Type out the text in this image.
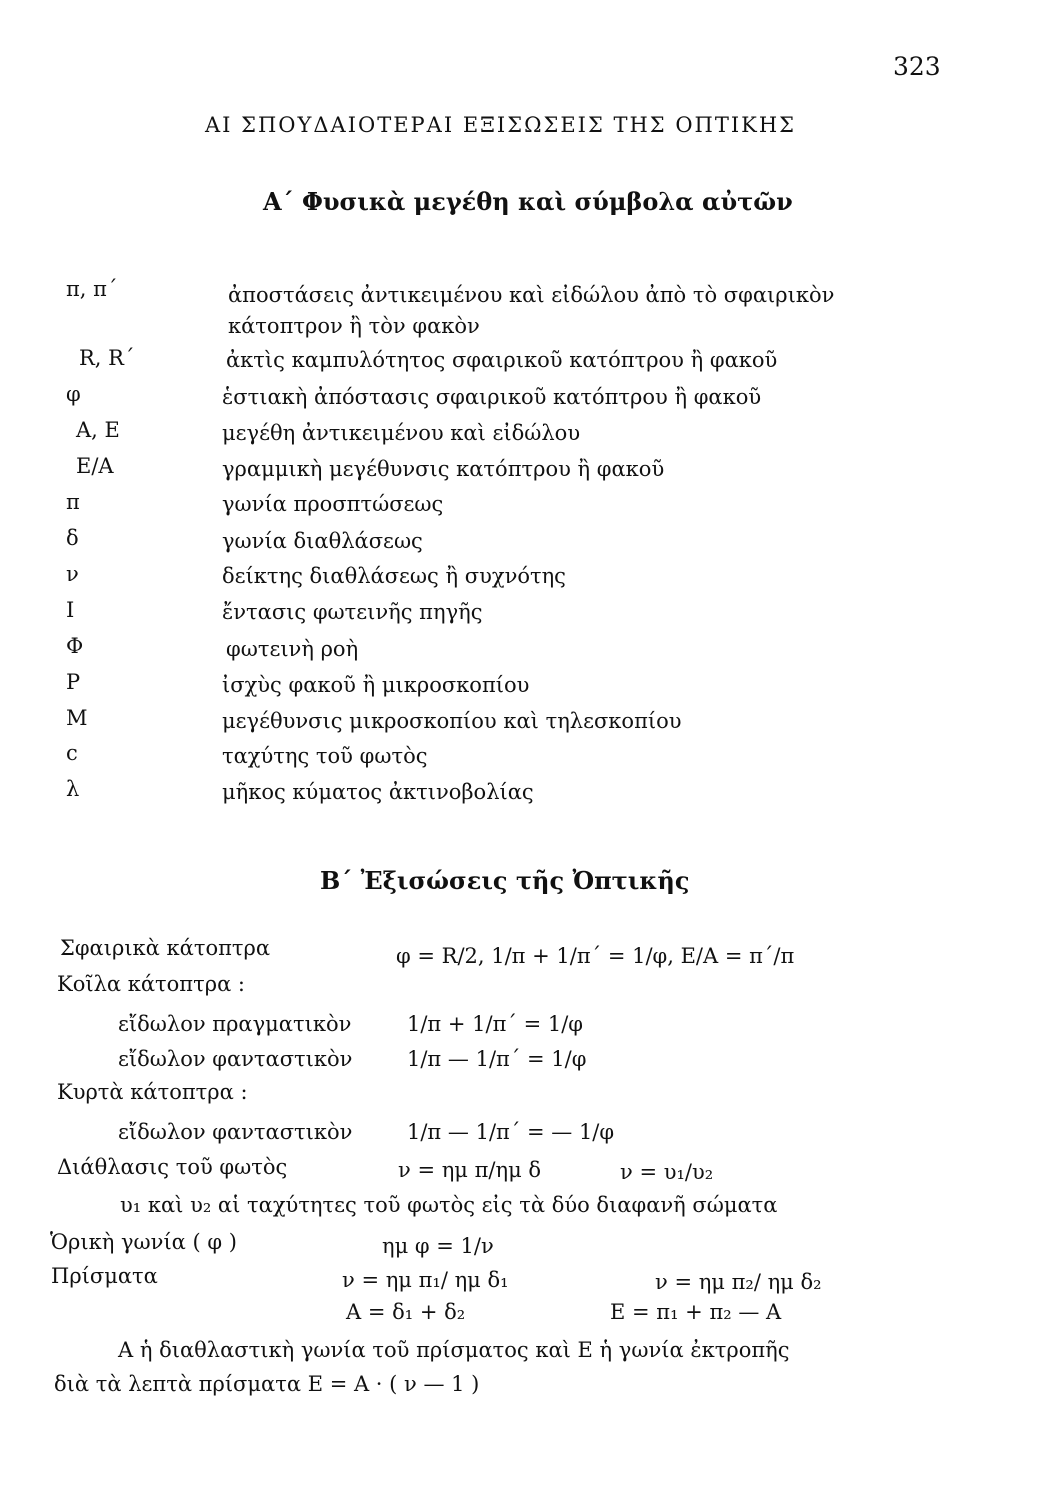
323
ΑΙ ΣΠΟΥΔΑΙΟΤΕΡΑΙ ΕΞΙΣΩΣΕΙΣ ΤΗΣ ΟΠΤΙΚΗΣ
Α΄ Φυσικὰ μεγέθη καὶ σύμβολα αὐτῶν
π, π΄	ἀποστάσεις ἀντικειμένου καὶ εἰδώλου ἀπὸ τὸ σφαιρικὸν
κάτοπτρον ἢ τὸν φακὸν
R, R΄	ἀκτὶς καμπυλότητος σφαιρικοῦ κατόπτρου ἢ φακοῦ
φ	ἑστιακὴ ἀπόστασις σφαιρικοῦ κατόπτρου ἢ φακοῦ
A, E	μεγέθη ἀντικειμένου καὶ εἰδώλου
E/A	γραμμικὴ μεγέθυνσις κατόπτρου ἢ φακοῦ
π	γωνία προσπτώσεως
δ	γωνία διαθλάσεως
ν	δείκτης διαθλάσεως ἢ συχνότης
I	ἔντασις φωτεινῆς πηγῆς
Φ	φωτεινὴ ροὴ
P	ἰσχὺς φακοῦ ἢ μικροσκοπίου
M	μεγέθυνσις μικροσκοπίου καὶ τηλεσκοπίου
c	ταχύτης τοῦ φωτὸς
λ	μῆκος κύματος ἀκτινοβολίας
Β΄ Ἐξισώσεις τῆς Ὀπτικῆς
Σφαιρικὰ κάτοπτρα	φ = R/2, 1/π + 1/π΄ = 1/φ, E/A = π΄/π
Κοῖλα κάτοπτρα :
εἴδωλον πραγματικὸν	1/π + 1/π΄ = 1/φ
εἴδωλον φανταστικὸν	1/π — 1/π΄ = 1/φ
Κυρτὰ κάτοπτρα :
εἴδωλον φανταστικὸν	1/π — 1/π΄ = — 1/φ
Διάθλασις τοῦ φωτὸς	ν = ημ π/ημ δ	ν = υ₁/υ₂
υ₁ καὶ υ₂ αἱ ταχύτητες τοῦ φωτὸς εἰς τὰ δύο διαφανῆ σώματα
Ὁρικὴ γωνία ( φ )	ημ φ = 1/ν
Πρίσματα	ν = ημ π₁/ ημ δ₁	ν = ημ π₂/ ημ δ₂
A = δ₁ + δ₂	E = π₁ + π₂ — A
A ἡ διαθλαστικὴ γωνία τοῦ πρίσματος καὶ E ἡ γωνία ἐκτροπῆς
διὰ τὰ λεπτὰ πρίσματα E = A · ( ν — 1 )
